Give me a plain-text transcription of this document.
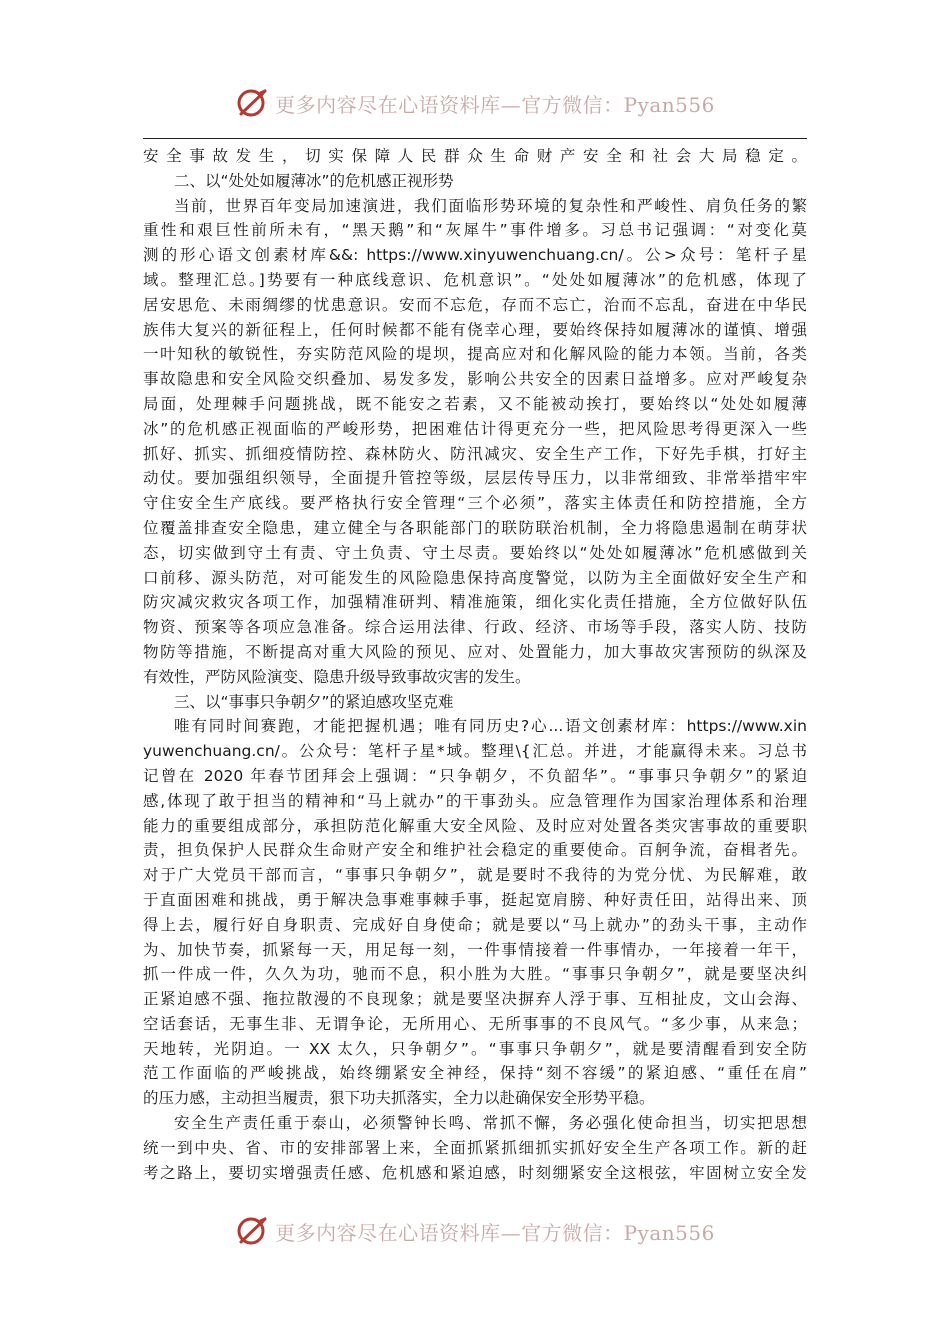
更多内容尽在心语资料库—官方微信：Pyan556
安全事故发生，切实保障人民群众生命财产安全和社会大局稳定。
二、以“处处如履薄冰”的危机感正视形势
当前，世界百年变局加速演进，我们面临形势环境的复杂性和严峻性、肩负任务的繁
重性和艰巨性前所未有，“黑天鹅”和“灰犀牛”事件增多。习总书记强调：“对变化莫
测的形心语文创素材库&&: https://www.xinyuwenchuang.cn/。公>众号：笔杆子星
域。整理汇总。]势要有一种底线意识、危机意识”。“处处如履薄冰”的危机感，体现了
居安思危、未雨绸缪的忧患意识。安而不忘危，存而不忘亡，治而不忘乱，奋进在中华民
族伟大复兴的新征程上，任何时候都不能有侥幸心理，要始终保持如履薄冰的谨慎、增强
一叶知秋的敏锐性，夯实防范风险的堤坝，提高应对和化解风险的能力本领。当前，各类
事故隐患和安全风险交织叠加、易发多发，影响公共安全的因素日益增多。应对严峻复杂
局面，处理棘手问题挑战，既不能安之若素，又不能被动挨打，要始终以“处处如履薄
冰”的危机感正视面临的严峻形势，把困难估计得更充分一些，把风险思考得更深入一些
抓好、抓实、抓细疫情防控、森林防火、防汛减灾、安全生产工作，下好先手棋，打好主
动仗。要加强组织领导，全面提升管控等级，层层传导压力，以非常细致、非常举措牢牢
守住安全生产底线。要严格执行安全管理“三个必须”，落实主体责任和防控措施，全方
位覆盖排查安全隐患，建立健全与各职能部门的联防联治机制，全力将隐患遏制在萌芽状
态，切实做到守土有责、守土负责、守土尽责。要始终以“处处如履薄冰”危机感做到关
口前移、源头防范，对可能发生的风险隐患保持高度警觉，以防为主全面做好安全生产和
防灾减灾救灾各项工作，加强精准研判、精准施策，细化实化责任措施，全方位做好队伍
物资、预案等各项应急准备。综合运用法律、行政、经济、市场等手段，落实人防、技防
物防等措施，不断提高对重大风险的预见、应对、处置能力，加大事故灾害预防的纵深及
有效性，严防风险演变、隐患升级导致事故灾害的发生。
三、以“事事只争朝夕”的紧迫感攻坚克难
唯有同时间赛跑，才能把握机遇；唯有同历史?心...语文创素材库：https://www.xin
yuwenchuang.cn/。公众号：笔杆子星*域。整理\{汇总。并进，才能赢得未来。习总书
记曾在 2020 年春节团拜会上强调：“只争朝夕，不负韶华”。“事事只争朝夕”的紧迫
感,体现了敢于担当的精神和“马上就办”的干事劲头。应急管理作为国家治理体系和治理
能力的重要组成部分，承担防范化解重大安全风险、及时应对处置各类灾害事故的重要职
责，担负保护人民群众生命财产安全和维护社会稳定的重要使命。百舸争流，奋楫者先。
对于广大党员干部而言，“事事只争朝夕”，就是要时不我待的为党分忧、为民解难，敢
于直面困难和挑战，勇于解决急事难事棘手事，挺起宽肩膀、种好责任田，站得出来、顶
得上去，履行好自身职责、完成好自身使命；就是要以“马上就办”的劲头干事，主动作
为、加快节奏，抓紧每一天，用足每一刻，一件事情接着一件事情办，一年接着一年干，
抓一件成一件，久久为功，驰而不息，积小胜为大胜。“事事只争朝夕”，就是要坚决纠
正紧迫感不强、拖拉散漫的不良现象；就是要坚决摒弃人浮于事、互相扯皮，文山会海、
空话套话，无事生非、无谓争论，无所用心、无所事事的不良风气。“多少事，从来急；
天地转，光阴迫。一 XX 太久，只争朝夕”。“事事只争朝夕”，就是要清醒看到安全防
范工作面临的严峻挑战，始终绷紧安全神经，保持“刻不容缓”的紧迫感、“重任在肩”
的压力感，主动担当履责，狠下功夫抓落实，全力以赴确保安全形势平稳。
安全生产责任重于泰山，必须警钟长鸣、常抓不懈，务必强化使命担当，切实把思想
统一到中央、省、市的安排部署上来，全面抓紧抓细抓实抓好安全生产各项工作。新的赶
考之路上，要切实增强责任感、危机感和紧迫感，时刻绷紧安全这根弦，牢固树立安全发
更多内容尽在心语资料库—官方微信：Pyan556
